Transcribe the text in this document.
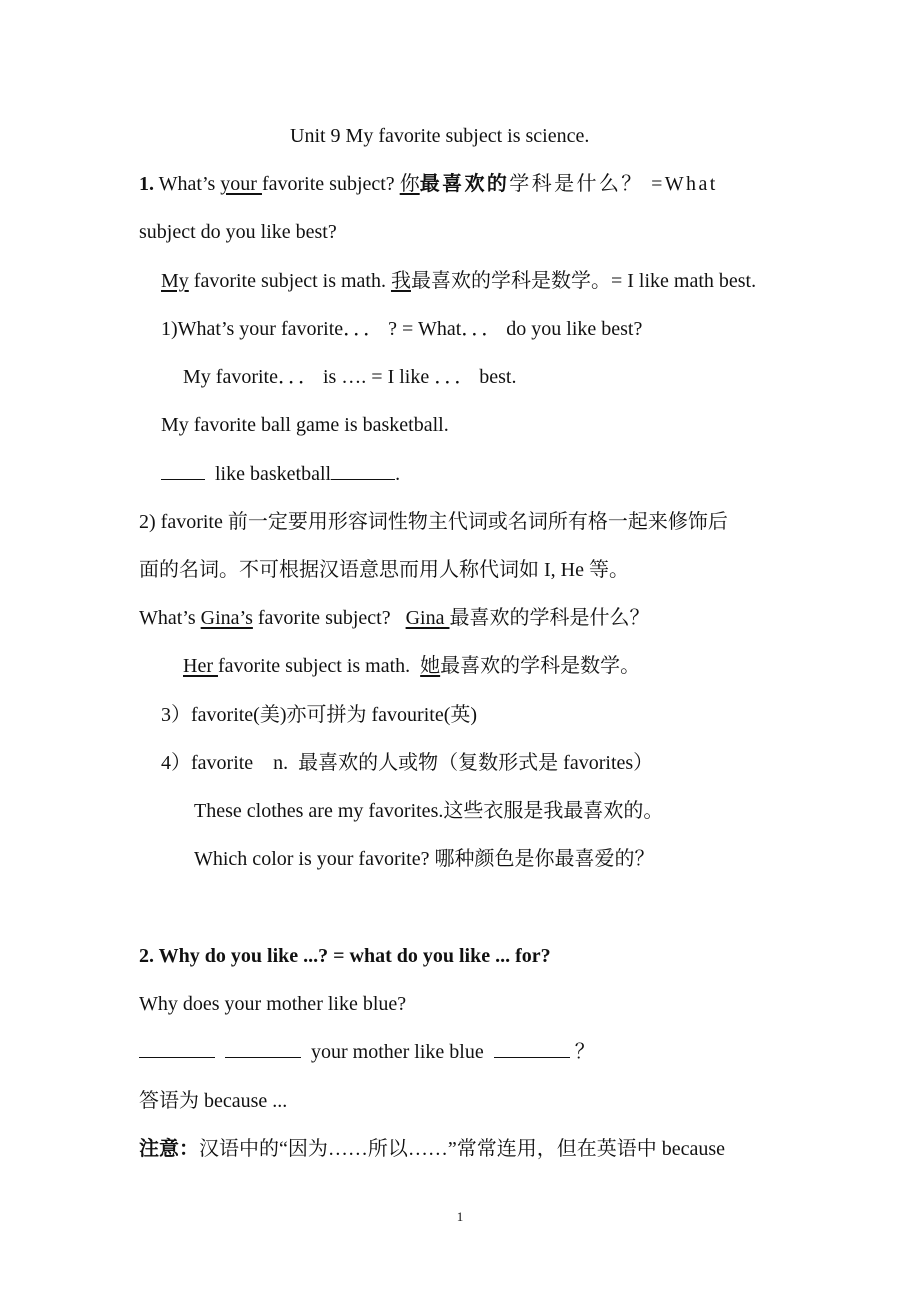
Unit 9 My favorite subject is science.
1. What’s your favorite subject? 你最喜欢的学科是什么？ =What
subject do you like best?
My favorite subject is math. 我最喜欢的学科是数学。= I like math best.
1)What’s your favorite．．． ? = What．．． do you like best?
My favorite．．． is …. = I like ．．． best.
My favorite ball game is basketball.
like basketball	.
2) favorite 前一定要用形容词性物主代词或名词所有格一起来修饰后
面的名词。不可根据汉语意思而用人称代词如 I, He 等。
What’s Gina’s favorite subject?   Gina 最喜欢的学科是什么？
Her favorite subject is math.  她最喜欢的学科是数学。
3）favorite(美)亦可拼为 favourite(英)
4）favorite    n.  最喜欢的人或物（复数形式是 favorites）
These clothes are my favorites.这些衣服是我最喜欢的。
Which color is your favorite? 哪种颜色是你最喜爱的？
2. Why do you like ...? = what do you like ... for?
Why does your mother like blue?
your mother like blue	？
答语为 because ...
注意：汉语中的“因为……所以……”常常连用，但在英语中 because
1
